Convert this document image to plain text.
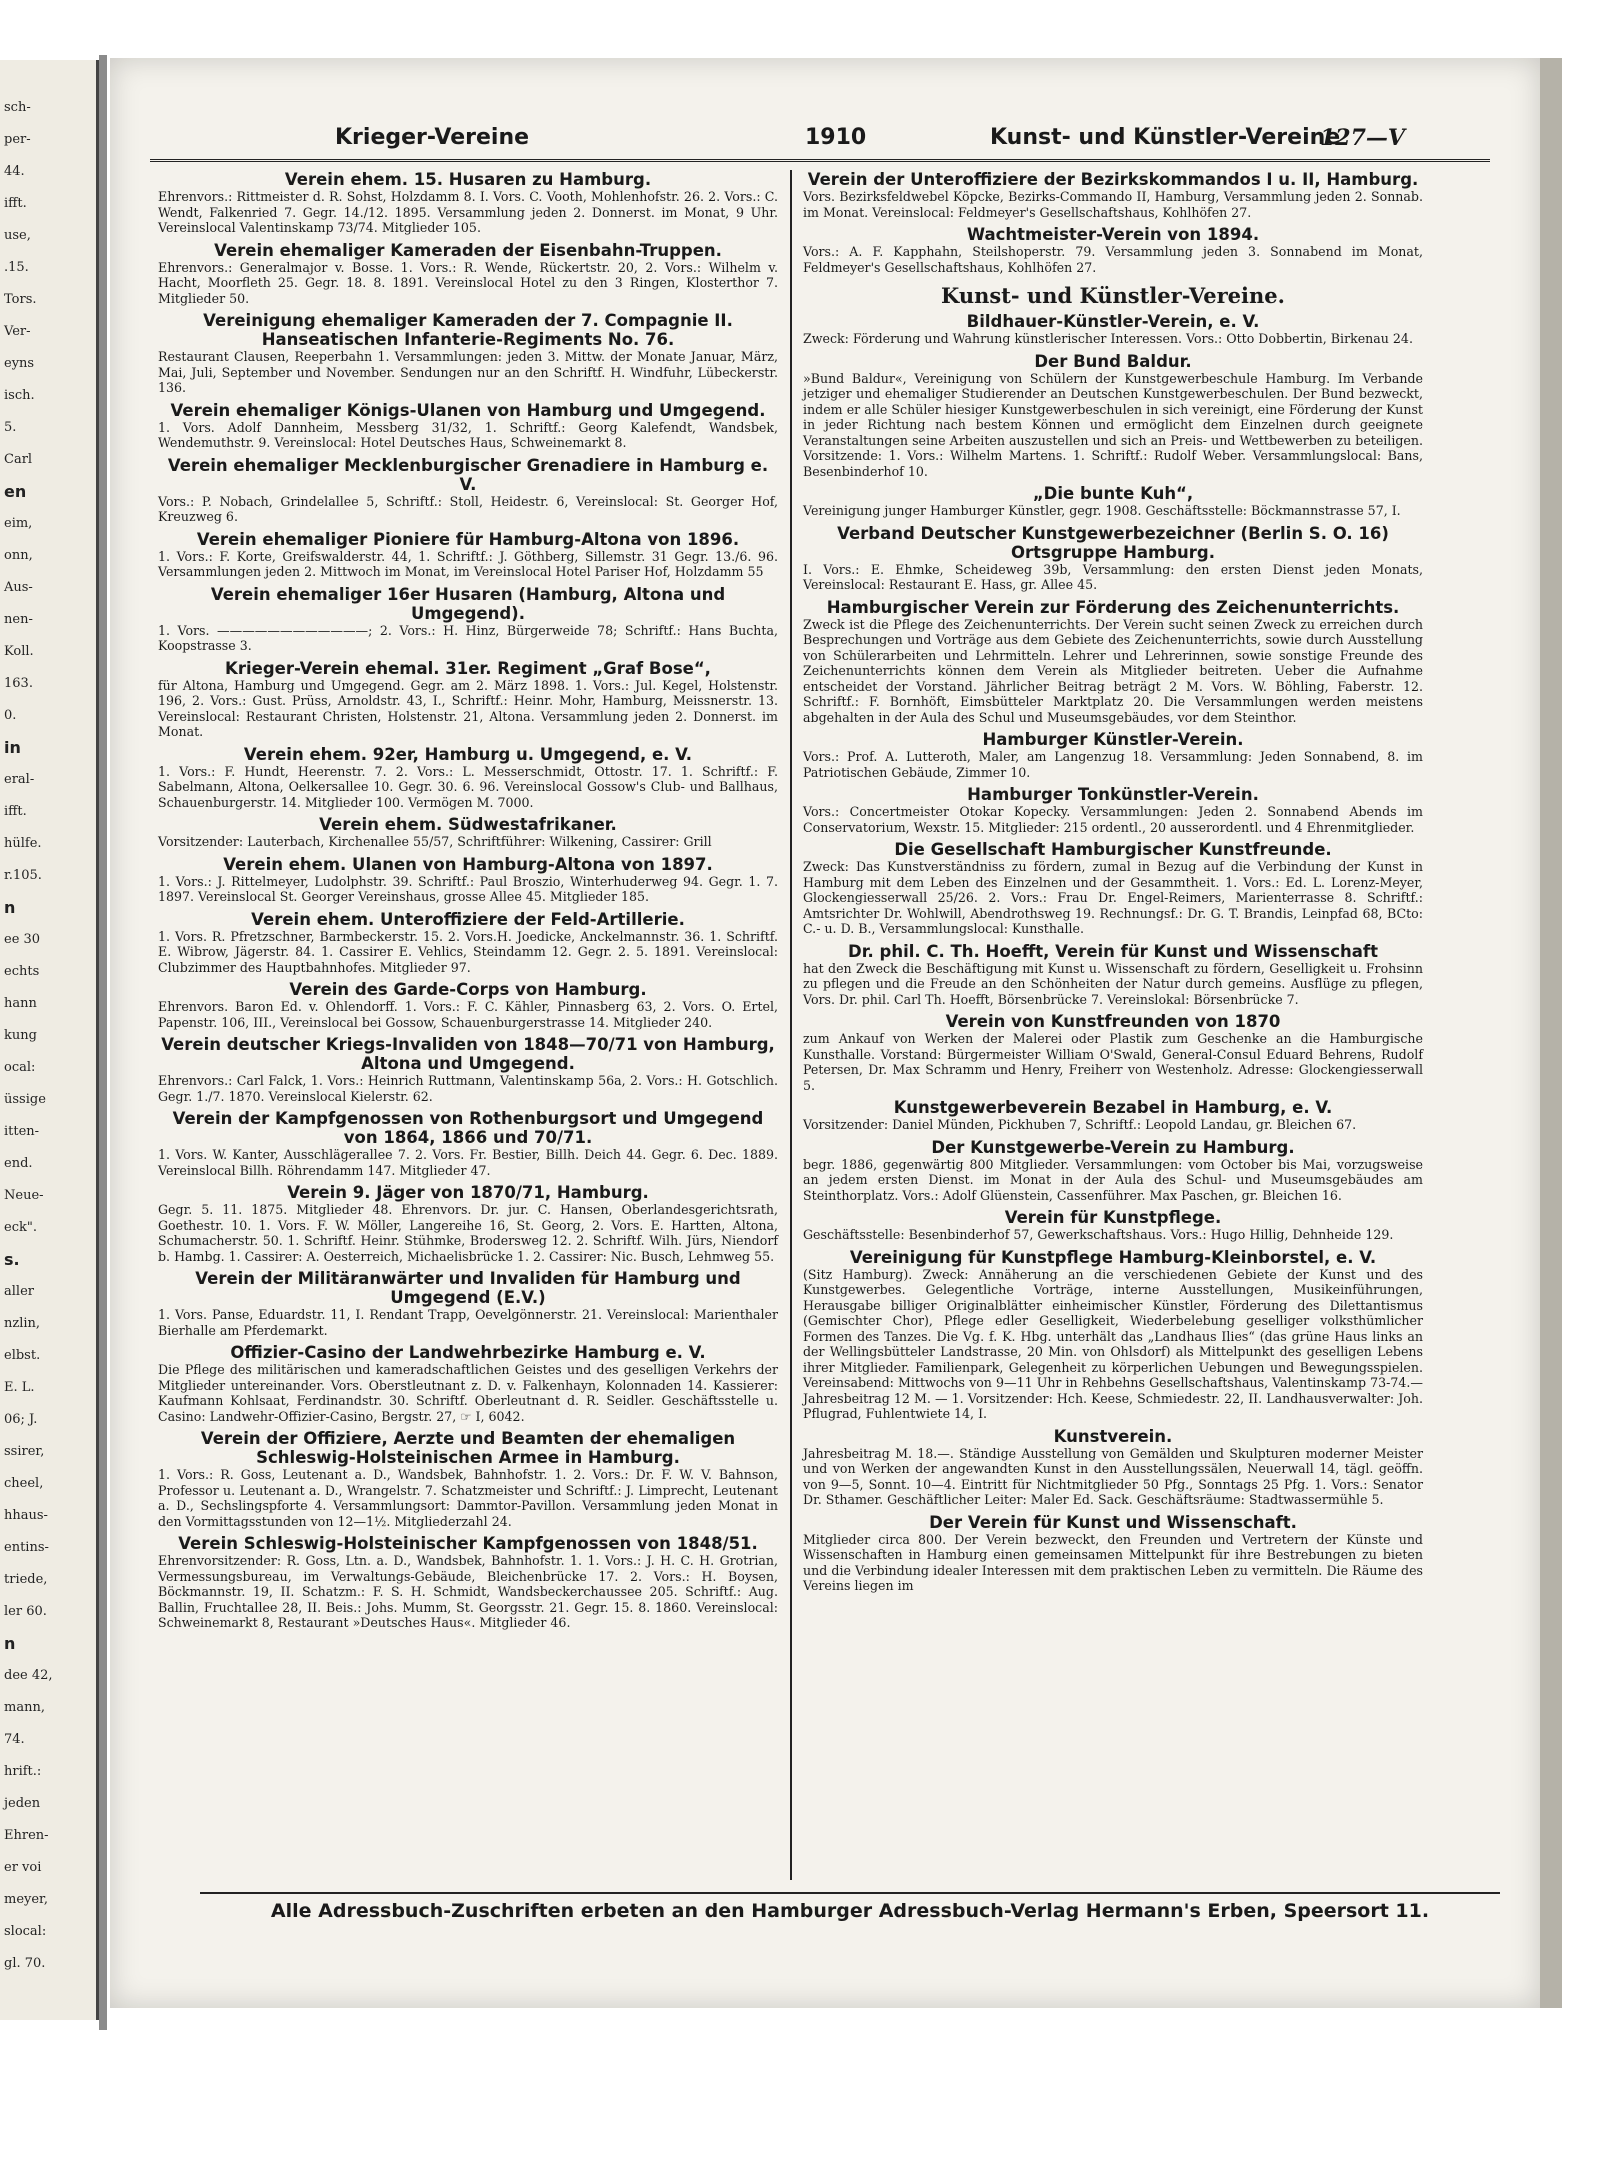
sch-
per-
44.
ifft.
use,
.15.
Tors.
Ver-
eyns
isch.
5.
Carl
en
eim,
onn,
Aus-
nen-
Koll.
163.
0.
in
eral-
ifft.
hülfe.
r.105.
n
ee 30
echts
hann
kung
ocal:
üssige
itten-
end.
Neue-
eck".
s.
aller
nzlin,
elbst.
E. L.
06; J.
ssirer,
cheel,
hhaus-
entins-
triede,
ler 60.
n
dee 42,
mann,
74.
hrift.:
jeden
Ehren-
er voi
meyer,
slocal:
gl. 70.
Krieger-Vereine	1910	Kunst- und Künstler-Vereine
127—V
Verein ehem. 15. Husaren zu Hamburg.
Ehrenvors.: Rittmeister d. R. Sohst, Holzdamm 8. I. Vors. C. Vooth, Mohlenhofstr. 26. 2. Vors.: C. Wendt, Falkenried 7. Gegr. 14./12. 1895. Versammlung jeden 2. Donnerst. im Monat, 9 Uhr. Vereinslocal Valentinskamp 73/74. Mitglieder 105.
Verein ehemaliger Kameraden der Eisenbahn-Truppen.
Ehrenvors.: Generalmajor v. Bosse. 1. Vors.: R. Wende, Rückertstr. 20, 2. Vors.: Wilhelm v. Hacht, Moorfleth 25. Gegr. 18. 8. 1891. Vereinslocal Hotel zu den 3 Ringen, Klosterthor 7. Mitglieder 50.
Vereinigung ehemaliger Kameraden der 7. Compagnie II. Hanseatischen Infanterie-Regiments No. 76.
Restaurant Clausen, Reeperbahn 1. Versammlungen: jeden 3. Mittw. der Monate Januar, März, Mai, Juli, September und November. Sendungen nur an den Schriftf. H. Windfuhr, Lübeckerstr. 136.
Verein ehemaliger Königs-Ulanen von Hamburg und Umgegend.
1. Vors. Adolf Dannheim, Messberg 31/32, 1. Schriftf.: Georg Kalefendt, Wandsbek, Wendemuthstr. 9. Vereinslocal: Hotel Deutsches Haus, Schweinemarkt 8.
Verein ehemaliger Mecklenburgischer Grenadiere in Hamburg e. V.
Vors.: P. Nobach, Grindelallee 5, Schriftf.: Stoll, Heidestr. 6, Vereinslocal: St. Georger Hof, Kreuzweg 6.
Verein ehemaliger Pioniere für Hamburg-Altona von 1896.
1. Vors.: F. Korte, Greifswalderstr. 44, 1. Schriftf.: J. Göthberg, Sillemstr. 31 Gegr. 13./6. 96. Versammlungen jeden 2. Mittwoch im Monat, im Vereinslocal Hotel Pariser Hof, Holzdamm 55
Verein ehemaliger 16er Husaren (Hamburg, Altona und Umgegend).
1. Vors. ————————————; 2. Vors.: H. Hinz, Bürgerweide 78; Schriftf.: Hans Buchta, Koopstrasse 3.
Krieger-Verein ehemal. 31er. Regiment „Graf Bose“,
für Altona, Hamburg und Umgegend. Gegr. am 2. März 1898. 1. Vors.: Jul. Kegel, Holstenstr. 196, 2. Vors.: Gust. Prüss, Arnoldstr. 43, I., Schriftf.: Heinr. Mohr, Hamburg, Meissnerstr. 13. Vereinslocal: Restaurant Christen, Holstenstr. 21, Altona. Versammlung jeden 2. Donnerst. im Monat.
Verein ehem. 92er, Hamburg u. Umgegend, e. V.
1. Vors.: F. Hundt, Heerenstr. 7. 2. Vors.: L. Messerschmidt, Ottostr. 17. 1. Schriftf.: F. Sabelmann, Altona, Oelkersallee 10. Gegr. 30. 6. 96. Vereinslocal Gossow's Club- und Ballhaus, Schauenburgerstr. 14. Mitglieder 100. Vermögen M. 7000.
Verein ehem. Südwestafrikaner.
Vorsitzender: Lauterbach, Kirchenallee 55/57, Schriftführer: Wilkening, Cassirer: Grill
Verein ehem. Ulanen von Hamburg-Altona von 1897.
1. Vors.: J. Rittelmeyer, Ludolphstr. 39. Schriftf.: Paul Broszio, Winterhuderweg 94. Gegr. 1. 7. 1897. Vereinslocal St. Georger Vereinshaus, grosse Allee 45. Mitglieder 185.
Verein ehem. Unteroffiziere der Feld-Artillerie.
1. Vors. R. Pfretzschner, Barmbeckerstr. 15. 2. Vors.H. Joedicke, Anckelmannstr. 36. 1. Schriftf. E. Wibrow, Jägerstr. 84. 1. Cassirer E. Vehlics, Steindamm 12. Gegr. 2. 5. 1891. Vereinslocal: Clubzimmer des Hauptbahnhofes. Mitglieder 97.
Verein des Garde-Corps von Hamburg.
Ehrenvors. Baron Ed. v. Ohlendorff. 1. Vors.: F. C. Kähler, Pinnasberg 63, 2. Vors. O. Ertel, Papenstr. 106, III., Vereinslocal bei Gossow, Schauenburgerstrasse 14. Mitglieder 240.
Verein deutscher Kriegs-Invaliden von 1848—70/71 von Hamburg, Altona und Umgegend.
Ehrenvors.: Carl Falck, 1. Vors.: Heinrich Ruttmann, Valentinskamp 56a, 2. Vors.: H. Gotschlich. Gegr. 1./7. 1870. Vereinslocal Kielerstr. 62.
Verein der Kampfgenossen von Rothenburgsort und Umgegend von 1864, 1866 und 70/71.
1. Vors. W. Kanter, Ausschlägerallee 7. 2. Vors. Fr. Bestier, Billh. Deich 44. Gegr. 6. Dec. 1889. Vereinslocal Billh. Röhrendamm 147. Mitglieder 47.
Verein 9. Jäger von 1870/71, Hamburg.
Gegr. 5. 11. 1875. Mitglieder 48. Ehrenvors. Dr. jur. C. Hansen, Oberlandesgerichtsrath, Goethestr. 10. 1. Vors. F. W. Möller, Langereihe 16, St. Georg, 2. Vors. E. Hartten, Altona, Schumacherstr. 50. 1. Schriftf. Heinr. Stühmke, Brodersweg 12. 2. Schriftf. Wilh. Jürs, Niendorf b. Hambg. 1. Cassirer: A. Oesterreich, Michaelisbrücke 1. 2. Cassirer: Nic. Busch, Lehmweg 55.
Verein der Militäranwärter und Invaliden für Hamburg und Umgegend (E.V.)
1. Vors. Panse, Eduardstr. 11, I. Rendant Trapp, Oevelgönnerstr. 21. Vereinslocal: Marienthaler Bierhalle am Pferdemarkt.
Offizier-Casino der Landwehrbezirke Hamburg e. V.
Die Pflege des militärischen und kameradschaftlichen Geistes und des geselligen Verkehrs der Mitglieder untereinander. Vors. Oberstleutnant z. D. v. Falkenhayn, Kolonnaden 14. Kassierer: Kaufmann Kohlsaat, Ferdinandstr. 30. Schriftf. Oberleutnant d. R. Seidler. Geschäftsstelle u. Casino: Landwehr-Offizier-Casino, Bergstr. 27, ☞ I, 6042.
Verein der Offiziere, Aerzte und Beamten der ehemaligen Schleswig-Holsteinischen Armee in Hamburg.
1. Vors.: R. Goss, Leutenant a. D., Wandsbek, Bahnhofstr. 1. 2. Vors.: Dr. F. W. V. Bahnson, Professor u. Leutenant a. D., Wrangelstr. 7. Schatzmeister und Schriftf.: J. Limprecht, Leutenant a. D., Sechslingspforte 4. Versammlungsort: Dammtor-Pavillon. Versammlung jeden Monat in den Vormittagsstunden von 12—1½. Mitgliederzahl 24.
Verein Schleswig-Holsteinischer Kampfgenossen von 1848/51.
Ehrenvorsitzender: R. Goss, Ltn. a. D., Wandsbek, Bahnhofstr. 1. 1. Vors.: J. H. C. H. Grotrian, Vermessungsbureau, im Verwaltungs-Gebäude, Bleichenbrücke 17. 2. Vors.: H. Boysen, Böckmannstr. 19, II. Schatzm.: F. S. H. Schmidt, Wandsbeckerchaussee 205. Schriftf.: Aug. Ballin, Fruchtallee 28, II. Beis.: Johs. Mumm, St. Georgsstr. 21. Gegr. 15. 8. 1860. Vereinslocal: Schweinemarkt 8, Restaurant »Deutsches Haus«. Mitglieder 46.
Verein der Unteroffiziere der Bezirkskommandos I u. II, Hamburg.
Vors. Bezirksfeldwebel Köpcke, Bezirks-Commando II, Hamburg, Versammlung jeden 2. Sonnab. im Monat. Vereinslocal: Feldmeyer's Gesellschaftshaus, Kohlhöfen 27.
Wachtmeister-Verein von 1894.
Vors.: A. F. Kapphahn, Steilshoperstr. 79. Versammlung jeden 3. Sonnabend im Monat, Feldmeyer's Gesellschaftshaus, Kohlhöfen 27.
Kunst- und Künstler-Vereine.
Bildhauer-Künstler-Verein, e. V.
Zweck: Förderung und Wahrung künstlerischer Interessen. Vors.: Otto Dobbertin, Birkenau 24.
Der Bund Baldur.
»Bund Baldur«, Vereinigung von Schülern der Kunstgewerbeschule Hamburg. Im Verbande jetziger und ehemaliger Studierender an Deutschen Kunstgewerbeschulen. Der Bund bezweckt, indem er alle Schüler hiesiger Kunstgewerbeschulen in sich vereinigt, eine Förderung der Kunst in jeder Richtung nach bestem Können und ermöglicht dem Einzelnen durch geeignete Veranstaltungen seine Arbeiten auszustellen und sich an Preis- und Wettbewerben zu beteiligen. Vorsitzende: 1. Vors.: Wilhelm Martens. 1. Schriftf.: Rudolf Weber. Versammlungslocal: Bans, Besenbinderhof 10.
„Die bunte Kuh“,
Vereinigung junger Hamburger Künstler, gegr. 1908. Geschäftsstelle: Böckmannstrasse 57, I.
Verband Deutscher Kunstgewerbezeichner (Berlin S. O. 16) Ortsgruppe Hamburg.
I. Vors.: E. Ehmke, Scheideweg 39b, Versammlung: den ersten Dienst jeden Monats, Vereinslocal: Restaurant E. Hass, gr. Allee 45.
Hamburgischer Verein zur Förderung des Zeichenunterrichts.
Zweck ist die Pflege des Zeichenunterrichts. Der Verein sucht seinen Zweck zu erreichen durch Besprechungen und Vorträge aus dem Gebiete des Zeichenunterrichts, sowie durch Ausstellung von Schülerarbeiten und Lehrmitteln. Lehrer und Lehrerinnen, sowie sonstige Freunde des Zeichenunterrichts können dem Verein als Mitglieder beitreten. Ueber die Aufnahme entscheidet der Vorstand. Jährlicher Beitrag beträgt 2 M. Vors. W. Böhling, Faberstr. 12. Schriftf.: F. Bornhöft, Eimsbütteler Marktplatz 20. Die Versammlungen werden meistens abgehalten in der Aula des Schul und Museumsgebäudes, vor dem Steinthor.
Hamburger Künstler-Verein.
Vors.: Prof. A. Lutteroth, Maler, am Langenzug 18. Versammlung: Jeden Sonnabend, 8. im Patriotischen Gebäude, Zimmer 10.
Hamburger Tonkünstler-Verein.
Vors.: Concertmeister Otokar Kopecky. Versammlungen: Jeden 2. Sonnabend Abends im Conservatorium, Wexstr. 15. Mitglieder: 215 ordentl., 20 ausserordentl. und 4 Ehrenmitglieder.
Die Gesellschaft Hamburgischer Kunstfreunde.
Zweck: Das Kunstverständniss zu fördern, zumal in Bezug auf die Verbindung der Kunst in Hamburg mit dem Leben des Einzelnen und der Gesammtheit. 1. Vors.: Ed. L. Lorenz-Meyer, Glockengiesserwall 25/26. 2. Vors.: Frau Dr. Engel-Reimers, Marienterrasse 8. Schriftf.: Amtsrichter Dr. Wohlwill, Abendrothsweg 19. Rechnungsf.: Dr. G. T. Brandis, Leinpfad 68, BCto: C.- u. D. B., Versammlungslocal: Kunsthalle.
Dr. phil. C. Th. Hoefft, Verein für Kunst und Wissenschaft
hat den Zweck die Beschäftigung mit Kunst u. Wissenschaft zu fördern, Geselligkeit u. Frohsinn zu pflegen und die Freude an den Schönheiten der Natur durch gemeins. Ausflüge zu pflegen, Vors. Dr. phil. Carl Th. Hoefft, Börsenbrücke 7. Vereinslokal: Börsenbrücke 7.
Verein von Kunstfreunden von 1870
zum Ankauf von Werken der Malerei oder Plastik zum Geschenke an die Hamburgische Kunsthalle. Vorstand: Bürgermeister William O'Swald, General-Consul Eduard Behrens, Rudolf Petersen, Dr. Max Schramm und Henry, Freiherr von Westenholz. Adresse: Glockengiesserwall 5.
Kunstgewerbeverein Bezabel in Hamburg, e. V.
Vorsitzender: Daniel Münden, Pickhuben 7, Schriftf.: Leopold Landau, gr. Bleichen 67.
Der Kunstgewerbe-Verein zu Hamburg.
begr. 1886, gegenwärtig 800 Mitglieder. Versammlungen: vom October bis Mai, vorzugsweise an jedem ersten Dienst. im Monat in der Aula des Schul- und Museumsgebäudes am Steinthorplatz. Vors.: Adolf Glüenstein, Cassenführer. Max Paschen, gr. Bleichen 16.
Verein für Kunstpflege.
Geschäftsstelle: Besenbinderhof 57, Gewerkschaftshaus. Vors.: Hugo Hillig, Dehnheide 129.
Vereinigung für Kunstpflege Hamburg-Kleinborstel, e. V.
(Sitz Hamburg). Zweck: Annäherung an die verschiedenen Gebiete der Kunst und des Kunstgewerbes. Gelegentliche Vorträge, interne Ausstellungen, Musikeinführungen, Herausgabe billiger Originalblätter einheimischer Künstler, Förderung des Dilettantismus (Gemischter Chor), Pflege edler Geselligkeit, Wiederbelebung geselliger volksthümlicher Formen des Tanzes. Die Vg. f. K. Hbg. unterhält das „Landhaus Ilies“ (das grüne Haus links an der Wellingsbütteler Landstrasse, 20 Min. von Ohlsdorf) als Mittelpunkt des geselligen Lebens ihrer Mitglieder. Familienpark, Gelegenheit zu körperlichen Uebungen und Bewegungsspielen. Vereinsabend: Mittwochs von 9—11 Uhr in Rehbehns Gesellschaftshaus, Valentinskamp 73-74.— Jahresbeitrag 12 M. — 1. Vorsitzender: Hch. Keese, Schmiedestr. 22, II. Landhausverwalter: Joh. Pflugrad, Fuhlentwiete 14, I.
Kunstverein.
Jahresbeitrag M. 18.—. Ständige Ausstellung von Gemälden und Skulpturen moderner Meister und von Werken der angewandten Kunst in den Ausstellungssälen, Neuerwall 14, tägl. geöffn. von 9—5, Sonnt. 10—4. Eintritt für Nichtmitglieder 50 Pfg., Sonntags 25 Pfg. 1. Vors.: Senator Dr. Sthamer. Geschäftlicher Leiter: Maler Ed. Sack. Geschäftsräume: Stadtwassermühle 5.
Der Verein für Kunst und Wissenschaft.
Mitglieder circa 800. Der Verein bezweckt, den Freunden und Vertretern der Künste und Wissenschaften in Hamburg einen gemeinsamen Mittelpunkt für ihre Bestrebungen zu bieten und die Verbindung idealer Interessen mit dem praktischen Leben zu vermitteln. Die Räume des Vereins liegen im
Alle Adressbuch-Zuschriften erbeten an den Hamburger Adressbuch-Verlag Hermann's Erben, Speersort 11.
